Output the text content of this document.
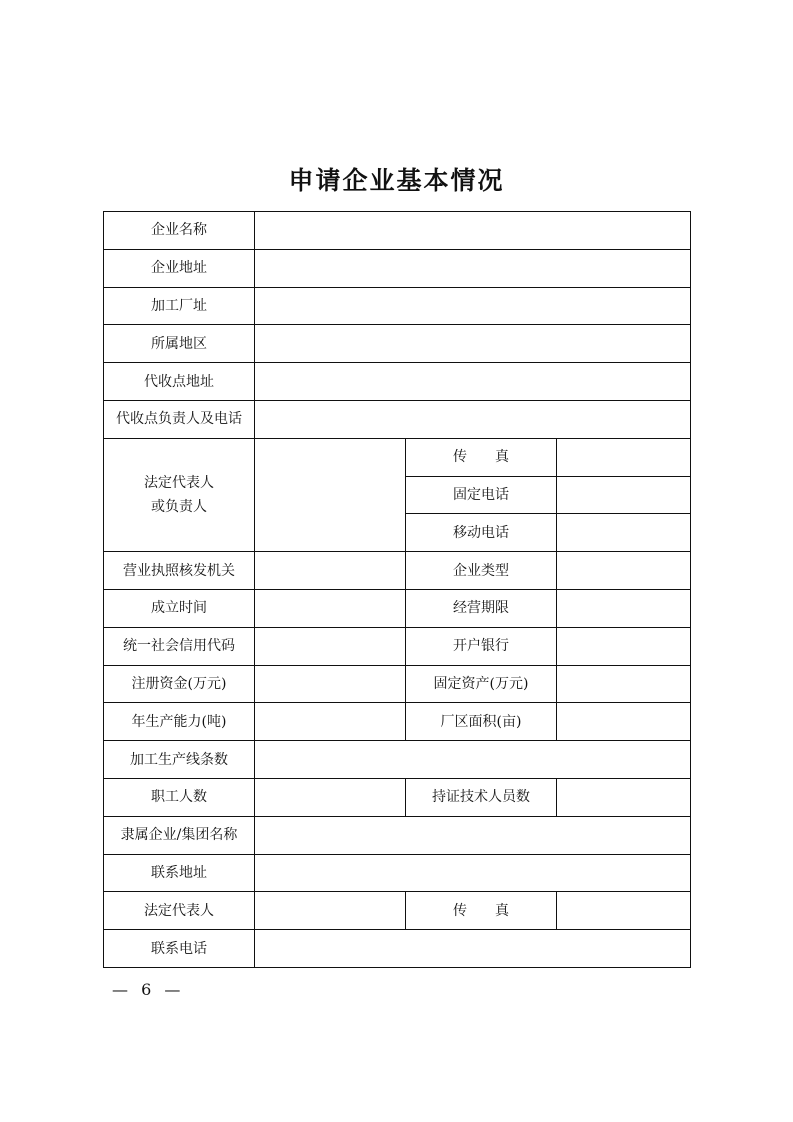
申请企业基本情况
企业名称			
企业地址			
加工厂址			
所属地区			
代收点地址			
代收点负责人及电话			
法定代表人
或负责人		传　　真	
		固定电话	
		移动电话	
营业执照核发机关		企业类型	
成立时间		经营期限	
统一社会信用代码		开户银行	
注册资金(万元)		固定资产(万元)	
年生产能力(吨)		厂区面积(亩)	
加工生产线条数			
职工人数		持证技术人员数	
隶属企业/集团名称			
联系地址			
法定代表人		传　　真	
联系电话			
— 6 —
